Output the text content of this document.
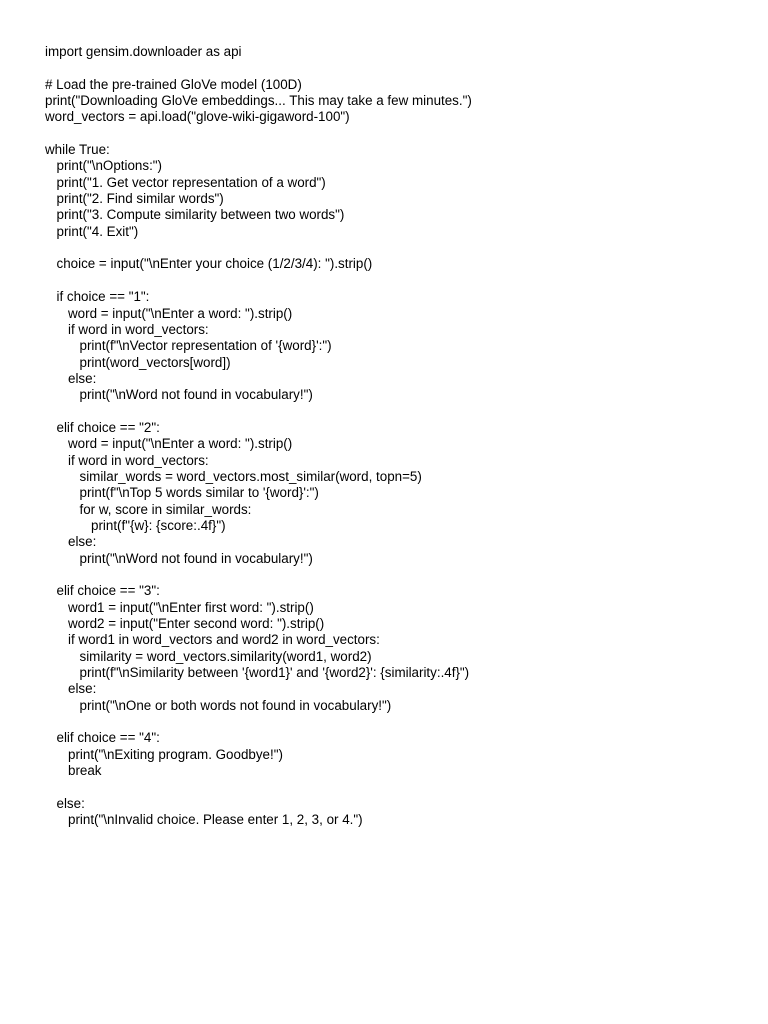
import gensim.downloader as api
# Load the pre-trained GloVe model (100D)
print("Downloading GloVe embeddings... This may take a few minutes.")
word_vectors = api.load("glove-wiki-gigaword-100")
while True:
print("\nOptions:")
print("1. Get vector representation of a word")
print("2. Find similar words")
print("3. Compute similarity between two words")
print("4. Exit")
choice = input("\nEnter your choice (1/2/3/4): ").strip()
if choice == "1":
word = input("\nEnter a word: ").strip()
if word in word_vectors:
print(f"\nVector representation of '{word}':")
print(word_vectors[word])
else:
print("\nWord not found in vocabulary!")
elif choice == "2":
word = input("\nEnter a word: ").strip()
if word in word_vectors:
similar_words = word_vectors.most_similar(word, topn=5)
print(f"\nTop 5 words similar to '{word}':")
for w, score in similar_words:
print(f"{w}: {score:.4f}")
else:
print("\nWord not found in vocabulary!")
elif choice == "3":
word1 = input("\nEnter first word: ").strip()
word2 = input("Enter second word: ").strip()
if word1 in word_vectors and word2 in word_vectors:
similarity = word_vectors.similarity(word1, word2)
print(f"\nSimilarity between '{word1}' and '{word2}': {similarity:.4f}")
else:
print("\nOne or both words not found in vocabulary!")
elif choice == "4":
print("\nExiting program. Goodbye!")
break
else:
print("\nInvalid choice. Please enter 1, 2, 3, or 4.")
